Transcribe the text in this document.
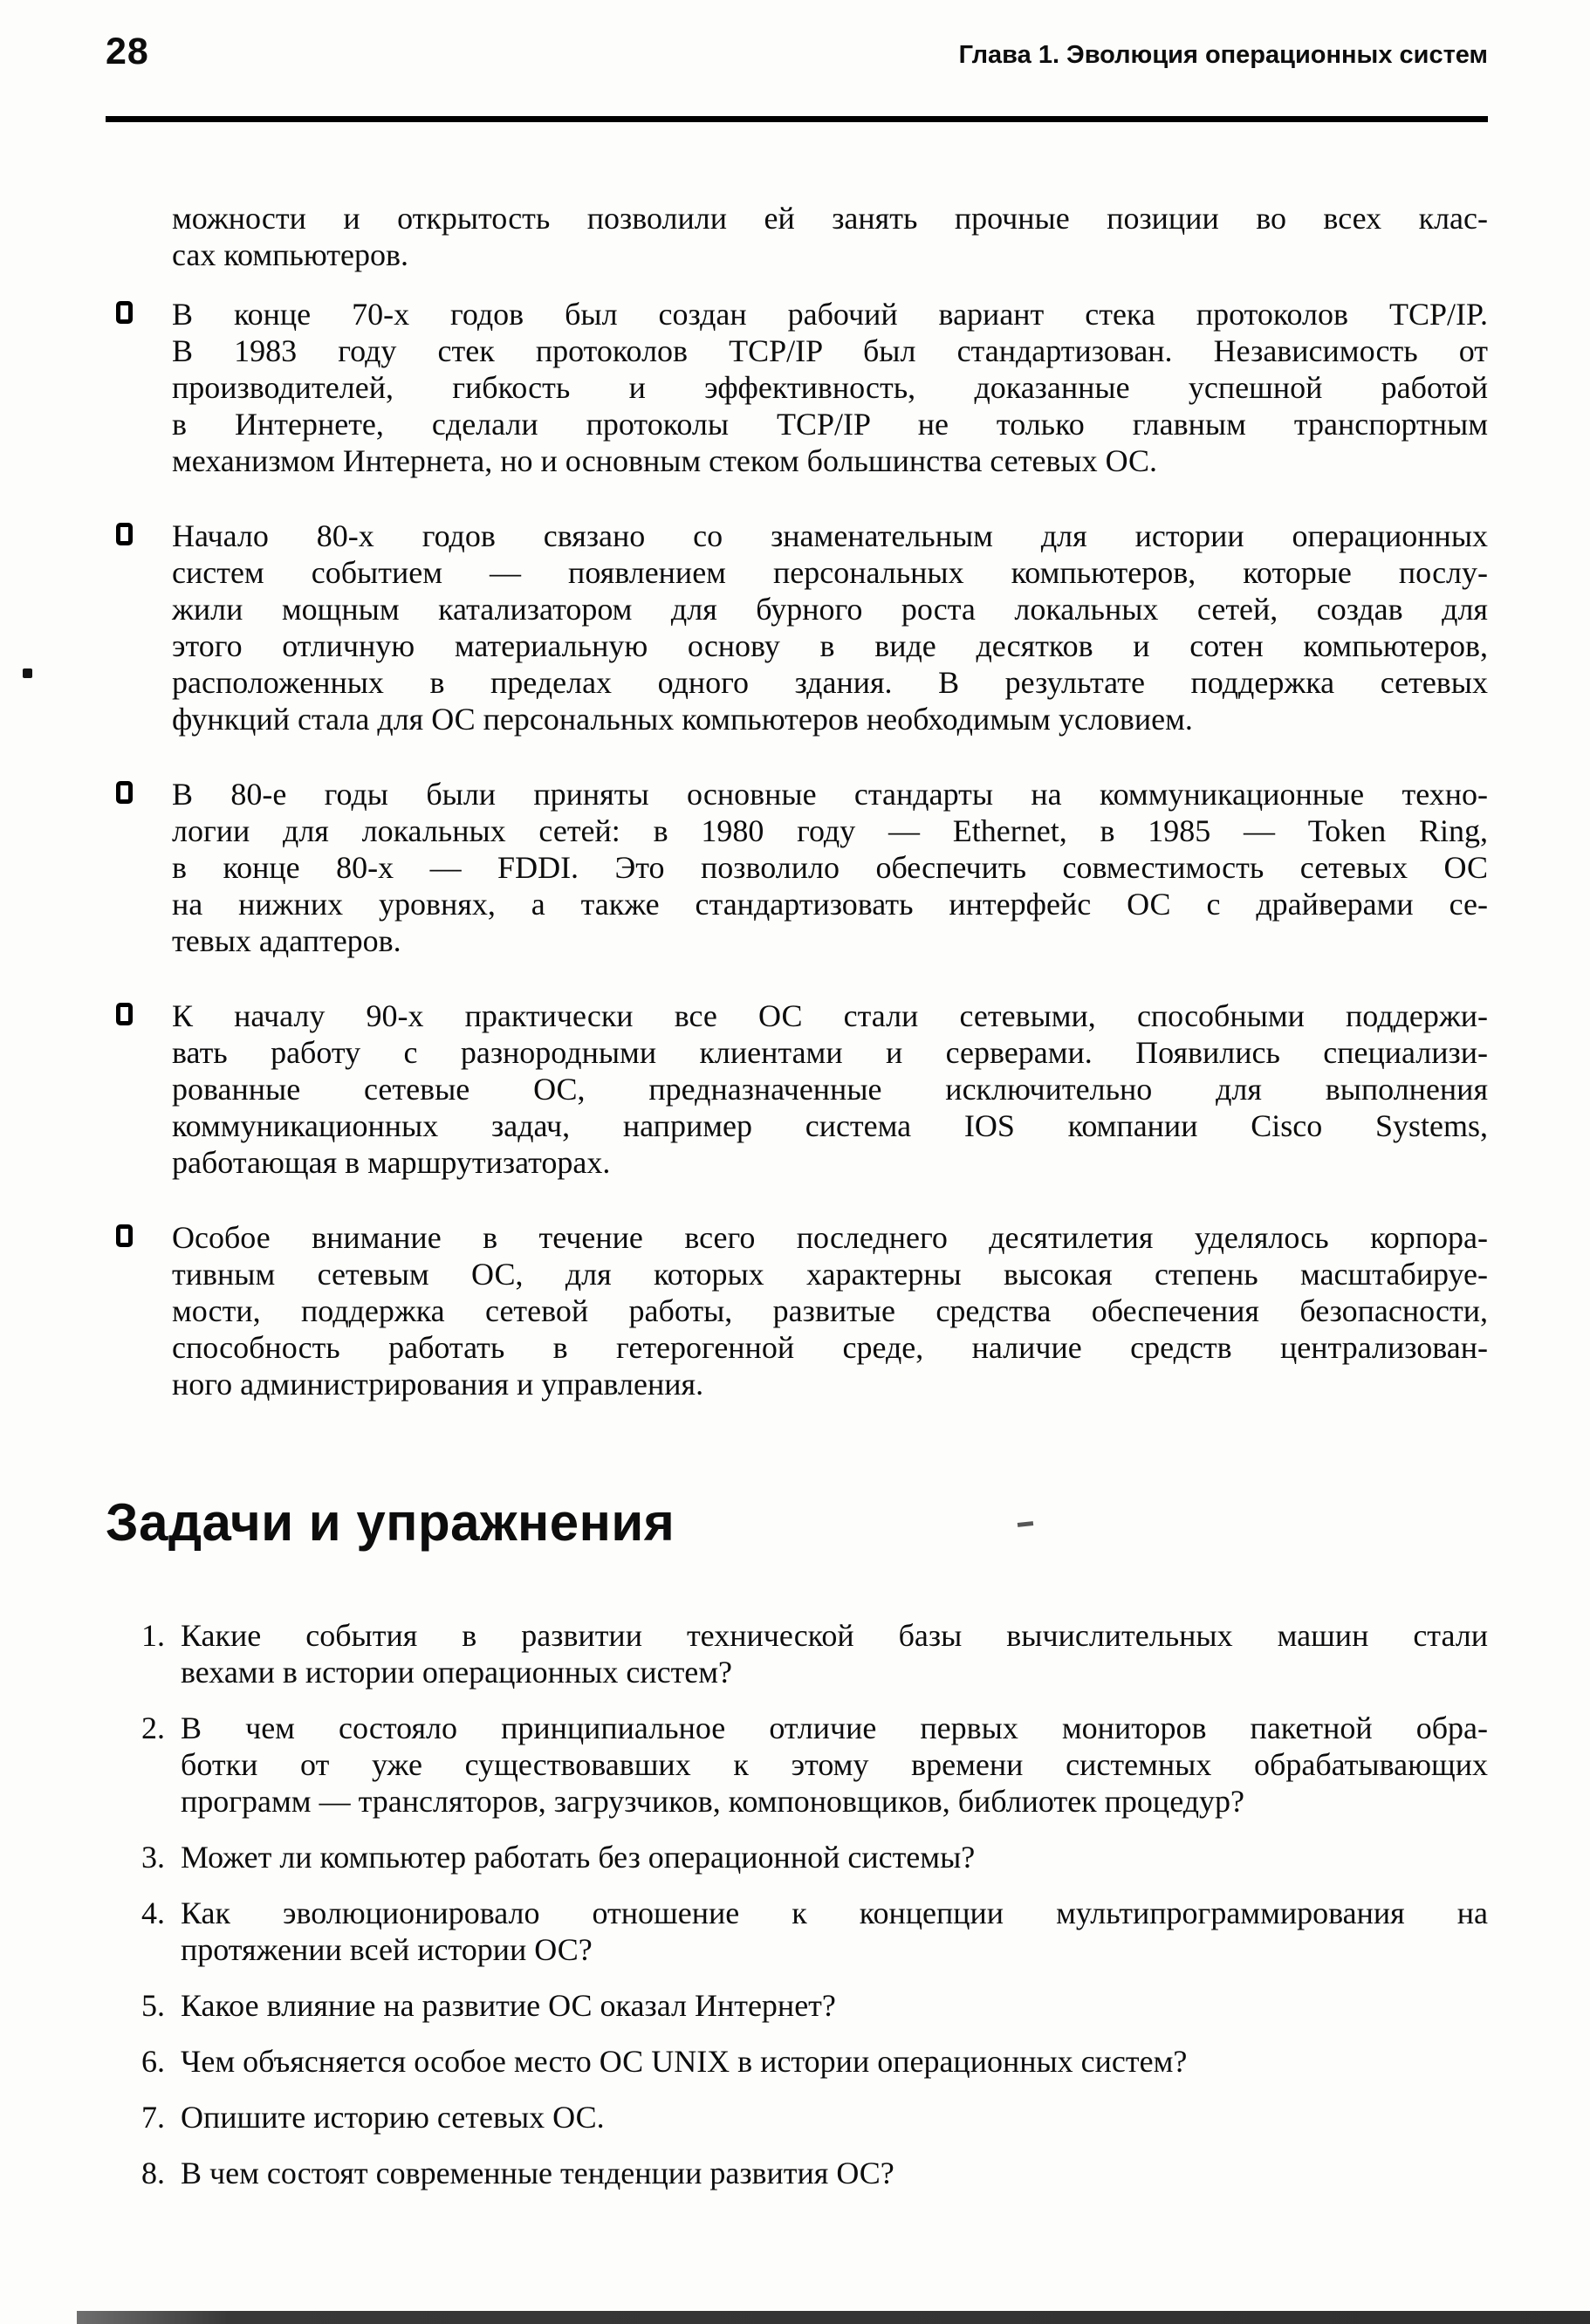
28	Глава 1. Эволюция операционных систем
можности и открытость позволили ей занять прочные позиции во всех клас-
сах компьютеров.
В конце 70-х годов был создан рабочий вариант стека протоколов TCP/IP.
В 1983 году стек протоколов TCP/IP был стандартизован. Независимость от
производителей, гибкость и эффективность, доказанные успешной работой
в Интернете, сделали протоколы TCP/IP не только главным транспортным
механизмом Интернета, но и основным стеком большинства сетевых ОС.
Начало 80-х годов связано со знаменательным для истории операционных
систем событием — появлением персональных компьютеров, которые послу-
жили мощным катализатором для бурного роста локальных сетей, создав для
этого отличную материальную основу в виде десятков и сотен компьютеров,
расположенных в пределах одного здания. В результате поддержка сетевых
функций стала для ОС персональных компьютеров необходимым условием.
В 80-е годы были приняты основные стандарты на коммуникационные техно-
логии для локальных сетей: в 1980 году — Ethernet, в 1985 — Token Ring,
в конце 80-х — FDDI. Это позволило обеспечить совместимость сетевых ОС
на нижних уровнях, а также стандартизовать интерфейс ОС с драйверами се-
тевых адаптеров.
К началу 90-х практически все ОС стали сетевыми, способными поддержи-
вать работу с разнородными клиентами и серверами. Появились специализи-
рованные сетевые ОС, предназначенные исключительно для выполнения
коммуникационных задач, например система IOS компании Cisco Systems,
работающая в маршрутизаторах.
Особое внимание в течение всего последнего десятилетия уделялось корпора-
тивным сетевым ОС, для которых характерны высокая степень масштабируе-
мости, поддержка сетевой работы, развитые средства обеспечения безопасности,
способность работать в гетерогенной среде, наличие средств централизован-
ного администрирования и управления.
Задачи и упражнения
1. Какие события в развитии технической базы вычислительных машин стали
вехами в истории операционных систем?
2. В чем состояло принципиальное отличие первых мониторов пакетной обра-
ботки от уже существовавших к этому времени системных обрабатывающих
программ — трансляторов, загрузчиков, компоновщиков, библиотек процедур?
3. Может ли компьютер работать без операционной системы?
4. Как эволюционировало отношение к концепции мультипрограммирования на
протяжении всей истории ОС?
5. Какое влияние на развитие ОС оказал Интернет?
6. Чем объясняется особое место ОС UNIX в истории операционных систем?
7. Опишите историю сетевых ОС.
8. В чем состоят современные тенденции развития ОС?
